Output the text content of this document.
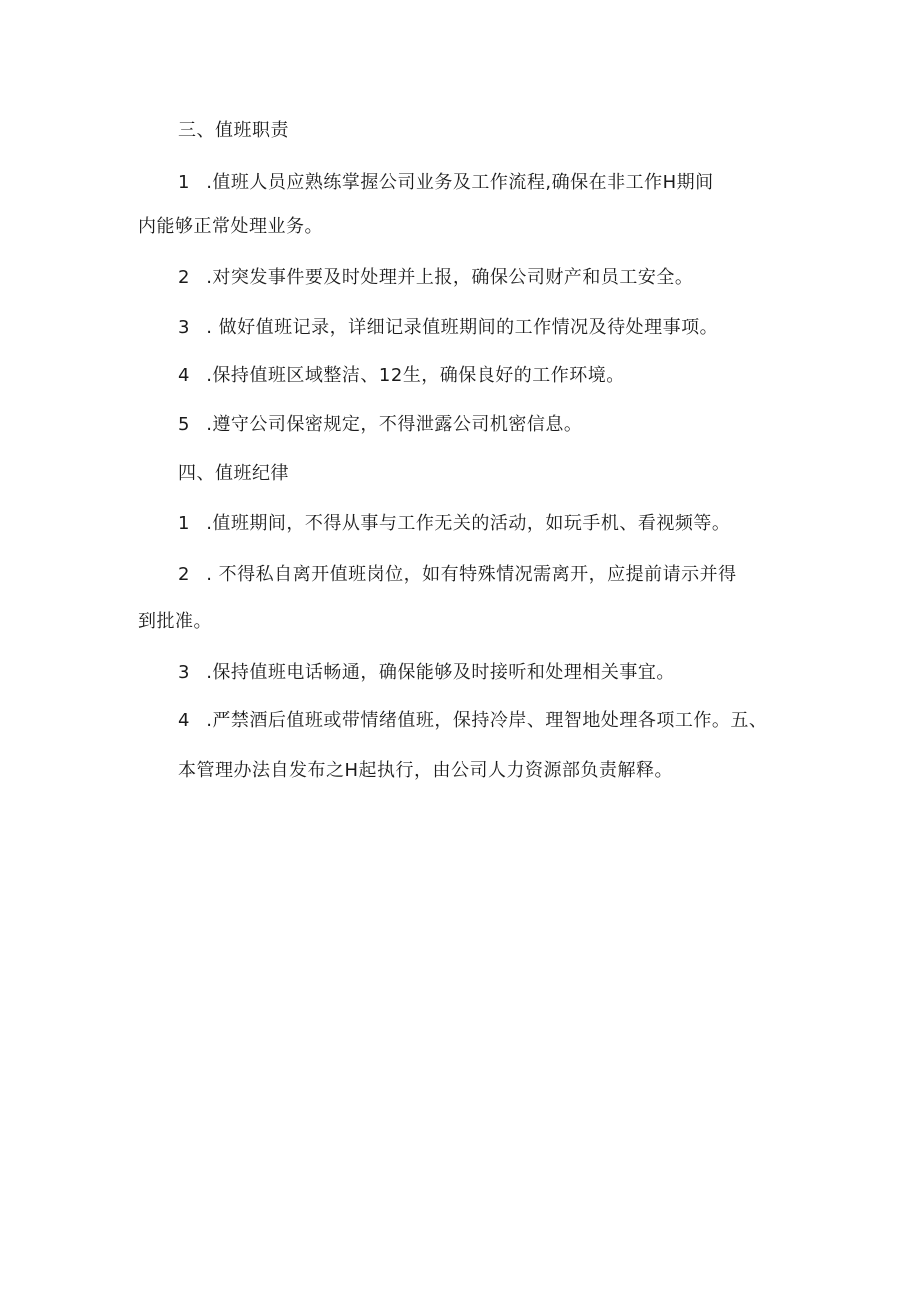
三、值班职责
1 .值班人员应熟练掌握公司业务及工作流程,确保在非工作H期间
内能够正常处理业务。
2 .对突发事件要及时处理并上报，确保公司财产和员工安全。
3 . 做好值班记录，详细记录值班期间的工作情况及待处理事项。
4 .保持值班区域整洁、12生，确保良好的工作环境。
5 .遵守公司保密规定，不得泄露公司机密信息。
四、值班纪律
1 .值班期间，不得从事与工作无关的活动，如玩手机、看视频等。
2 . 不得私自离开值班岗位，如有特殊情况需离开，应提前请示并得
到批准。
3 .保持值班电话畅通，确保能够及时接听和处理相关事宜。
4 .严禁酒后值班或带情绪值班，保持冷岸、理智地处理各项工作。五、
本管理办法自发布之H起执行，由公司人力资源部负责解释。
